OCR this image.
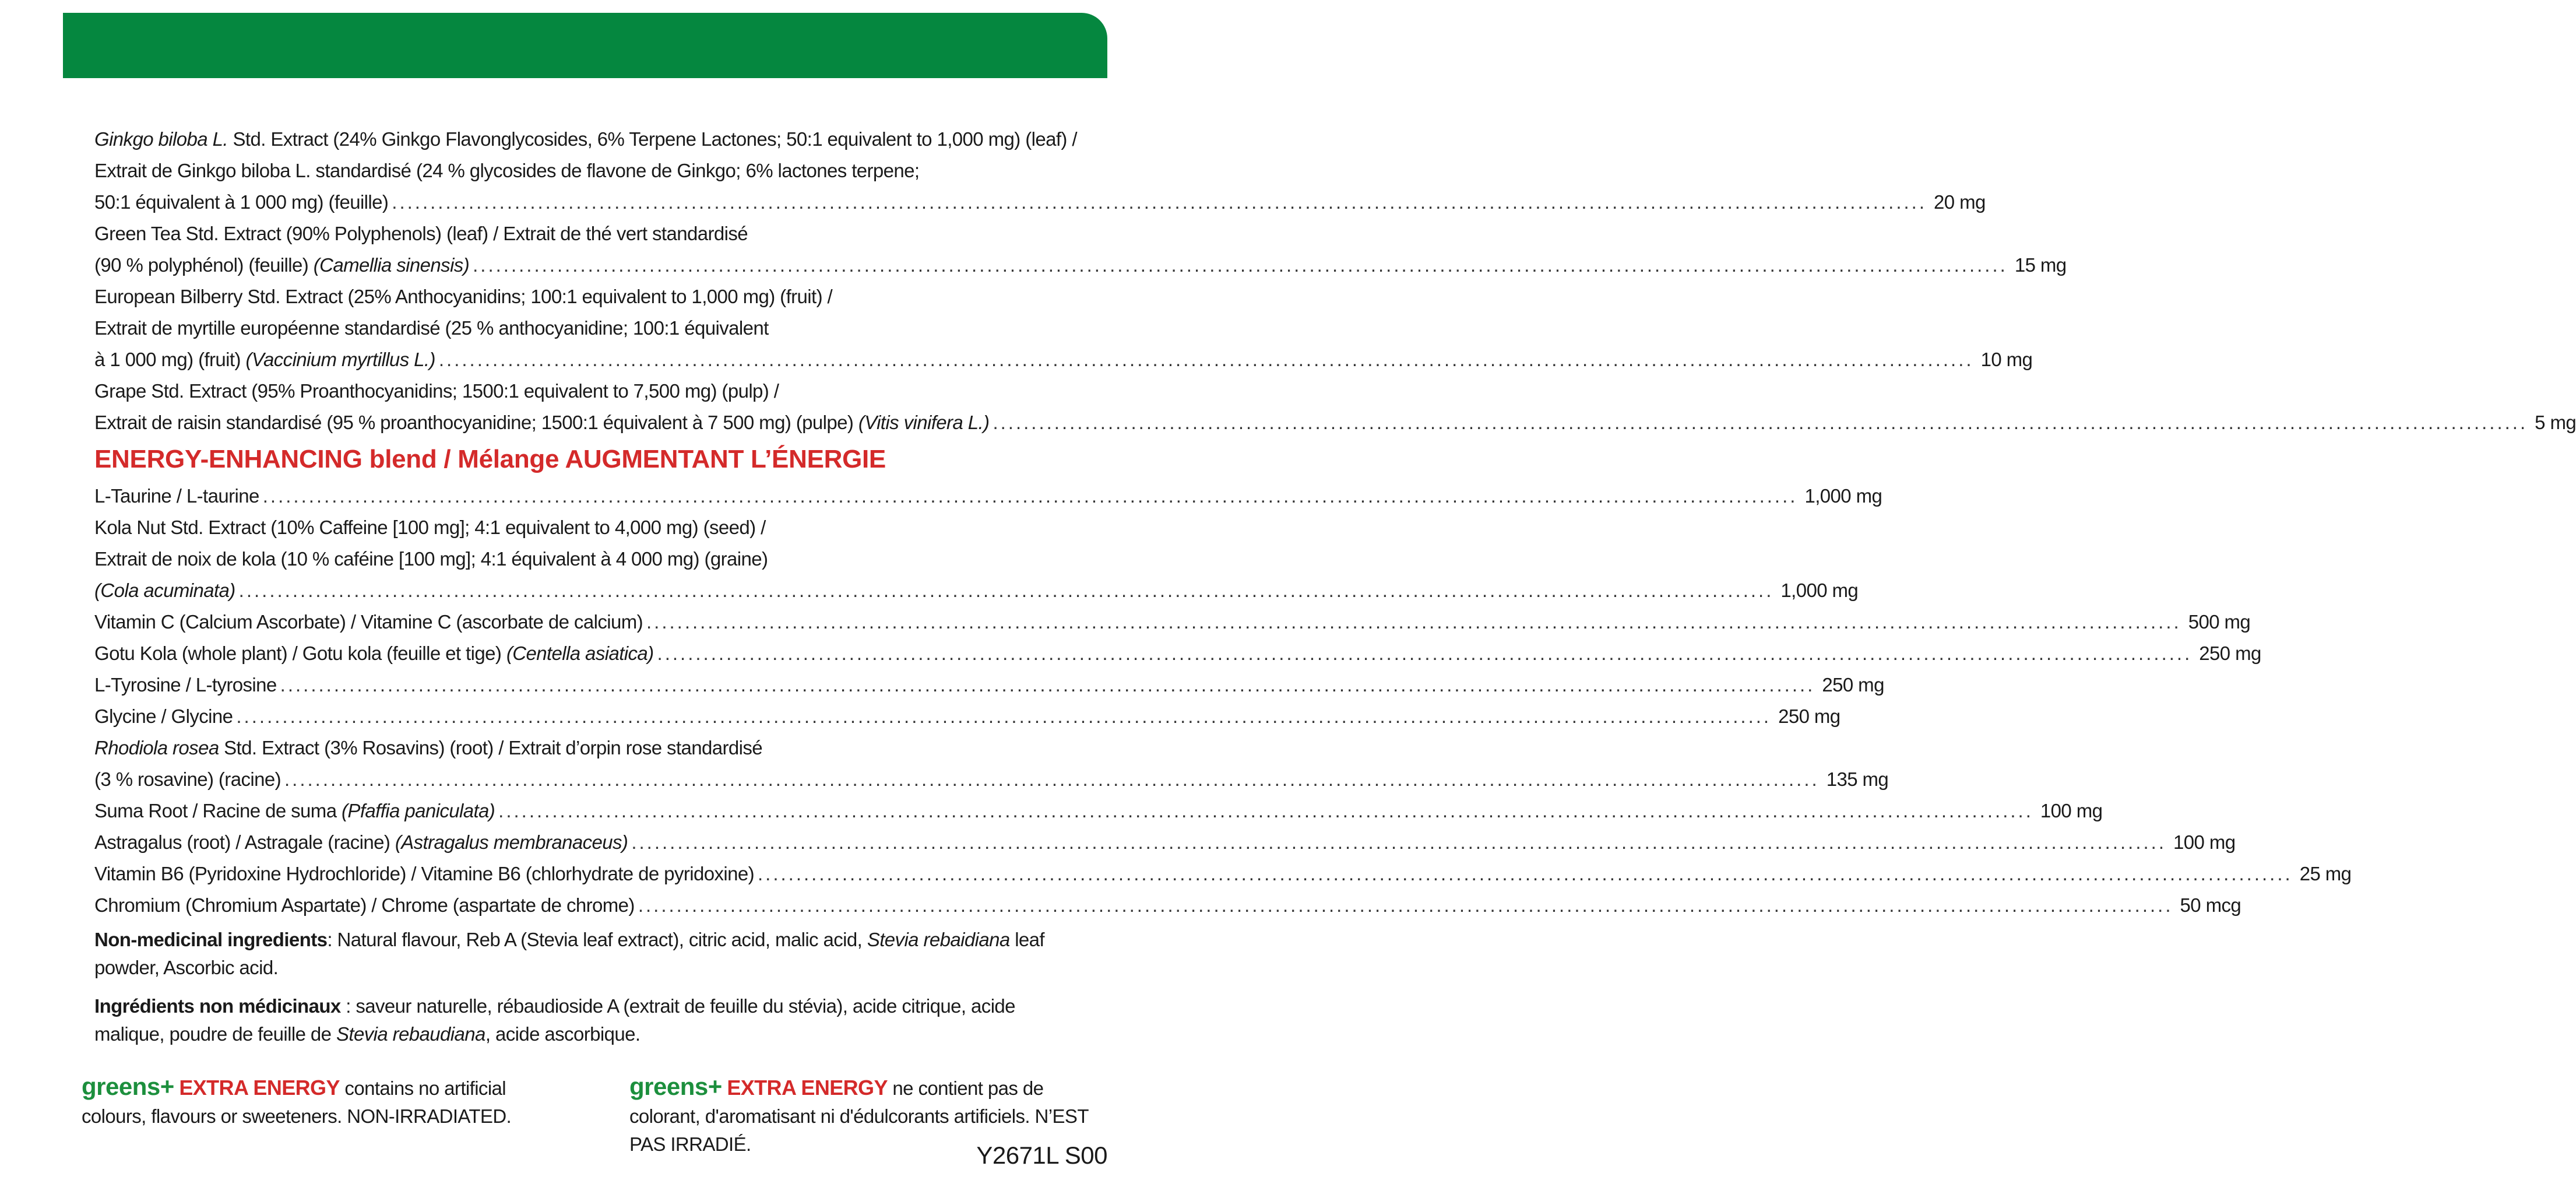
Ginkgo biloba L. Std. Extract (24% Ginkgo Flavonglycosides, 6% Terpene Lactones; 50:1 equivalent to 1,000 mg) (leaf) /
Extrait de Ginkgo biloba L. standardisé (24 % glycosides de flavone de Ginkgo; 6% lactones terpene;
50:1 équivalent à 1 000 mg) (feuille) ........................................................................................................................................................................................................ 20 mg
Green Tea Std. Extract (90% Polyphenols) (leaf) / Extrait de thé vert standardisé
(90 % polyphénol) (feuille) (Camellia sinensis) ........................................................................................................................................................................................................ 15 mg
European Bilberry Std. Extract (25% Anthocyanidins; 100:1 equivalent to 1,000 mg) (fruit) /
Extrait de myrtille européenne standardisé (25 % anthocyanidine; 100:1 équivalent
à 1 000 mg) (fruit) (Vaccinium myrtillus L.) ........................................................................................................................................................................................................ 10 mg
Grape Std. Extract (95% Proanthocyanidins; 1500:1 equivalent to 7,500 mg) (pulp) /
Extrait de raisin standardisé (95 % proanthocyanidine; 1500:1 équivalent à 7 500 mg) (pulpe) (Vitis vinifera L.) ........................................................................................................................................................................................................ 5 mg
ENERGY-ENHANCING blend / Mélange AUGMENTANT L’ÉNERGIE
L-Taurine / L-taurine ........................................................................................................................................................................................................ 1,000 mg
Kola Nut Std. Extract (10% Caffeine [100 mg]; 4:1 equivalent to 4,000 mg) (seed) /
Extrait de noix de kola (10 % caféine [100 mg]; 4:1 équivalent à 4 000 mg) (graine)
(Cola acuminata) ........................................................................................................................................................................................................ 1,000 mg
Vitamin C (Calcium Ascorbate) / Vitamine C (ascorbate de calcium) ........................................................................................................................................................................................................ 500 mg
Gotu Kola (whole plant) / Gotu kola (feuille et tige) (Centella asiatica) ........................................................................................................................................................................................................ 250 mg
L-Tyrosine / L-tyrosine ........................................................................................................................................................................................................ 250 mg
Glycine / Glycine ........................................................................................................................................................................................................ 250 mg
Rhodiola rosea Std. Extract (3% Rosavins) (root) / Extrait d’orpin rose standardisé
(3 % rosavine) (racine) ........................................................................................................................................................................................................ 135 mg
Suma Root / Racine de suma (Pfaffia paniculata) ........................................................................................................................................................................................................ 100 mg
Astragalus (root) / Astragale (racine) (Astragalus membranaceus) ........................................................................................................................................................................................................ 100 mg
Vitamin B6 (Pyridoxine Hydrochloride) / Vitamine B6 (chlorhydrate de pyridoxine) ........................................................................................................................................................................................................ 25 mg
Chromium (Chromium Aspartate) / Chrome (aspartate de chrome) ........................................................................................................................................................................................................ 50 mcg
Non-medicinal ingredients: Natural flavour, Reb A (Stevia leaf extract), citric acid, malic acid, Stevia rebaidiana leaf powder, Ascorbic acid.
Ingrédients non médicinaux : saveur naturelle, rébaudioside A (extrait de feuille du stévia), acide citrique, acide malique, poudre de feuille de Stevia rebaudiana, acide ascorbique.
greens+ EXTRA ENERGY contains no artificial colours, flavours or sweeteners. NON-IRRADIATED.
greens+ EXTRA ENERGY ne contient pas de colorant, d'aromatisant ni d'édulcorants artificiels. N’EST PAS IRRADIÉ.	Y2671L S00
